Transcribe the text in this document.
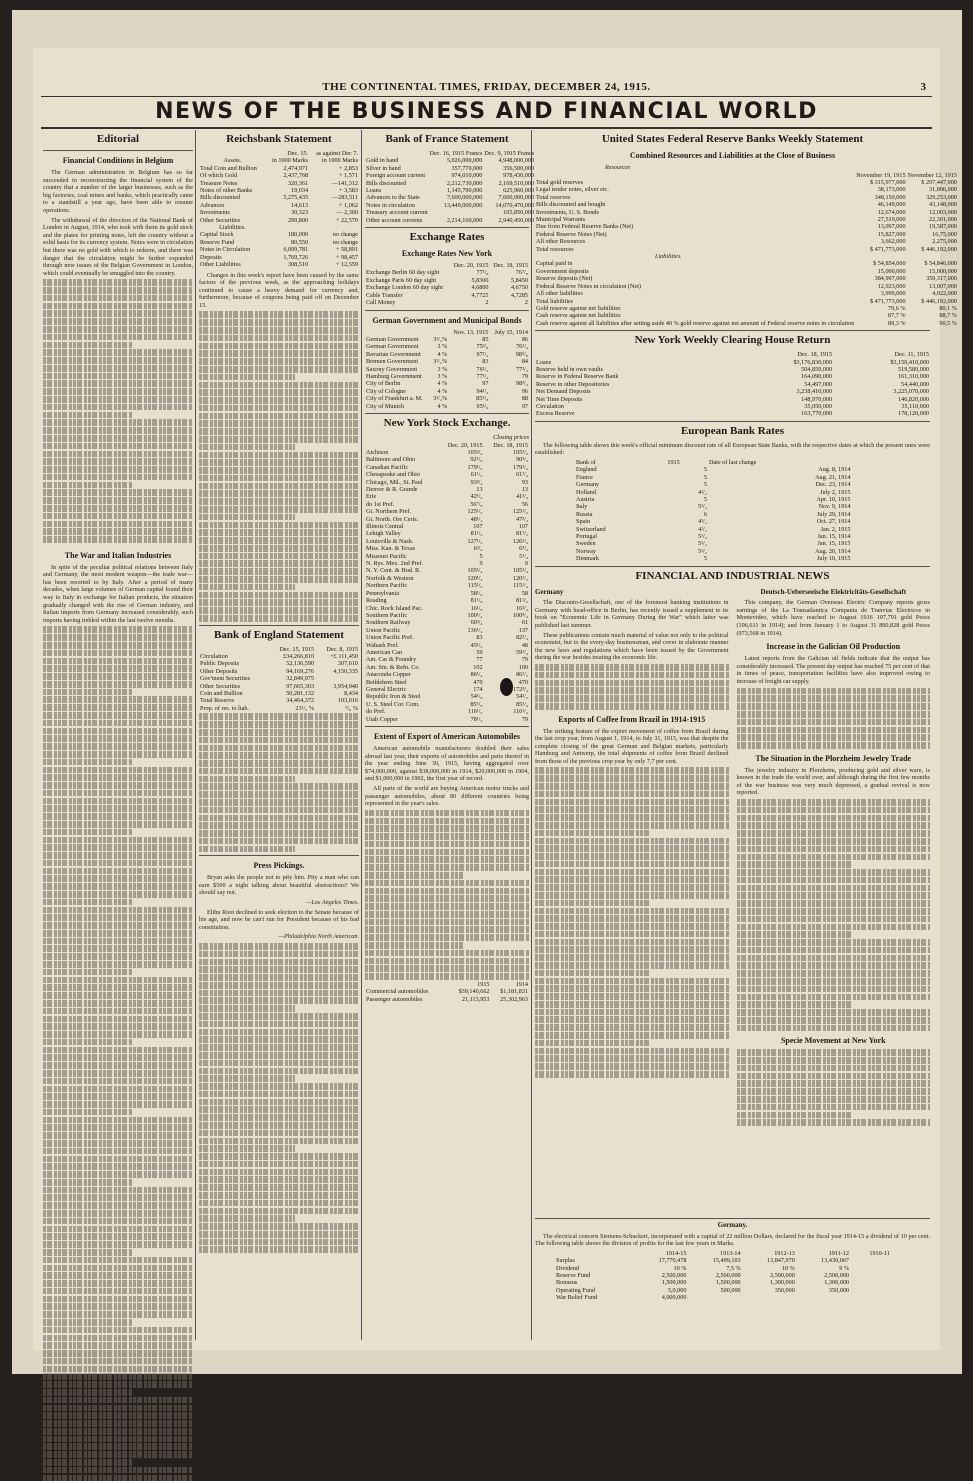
THE CONTINENTAL TIMES, FRIDAY, DECEMBER 24, 1915.	3
NEWS OF THE BUSINESS AND FINANCIAL WORLD
Editorial
Financial Conditions in Belgium

The German administration in Belgium has so far succeeded in reconstructing the financial system of the country that a number of the larger businesses, such as the big factories, coal mines and banks, which practically came to a standstill a year ago, have been able to resume operations.

The withdrawal of the directors of the National Bank of London in August, 1914, who took with them its gold stock and the plates for printing notes, left the country without a solid basis for its currency system. Notes were in circulation but there was no gold with which to redeem, and there was danger that the circulation might be further expanded through new issues of the Belgian Government in London, which could eventually be smuggled into the country.

The War and Italian Industries

In spite of the peculiar political relations between Italy and Germany, the most modern weapon—the trade war—has been resorted to by Italy. After a period of many decades, when large volumes of German capital found their way to Italy in exchange for Italian products, the situation gradually changed with the rise of German industry, and Italian imports from Germany increased considerably, such imports having trebled within the last twelve months.

Reichsbank Statement
	Dec. 15.	as against Dec 7.
Assets.	in 1000 Marks	in 1000 Marks
Total Coin and Bullion	2,474,971	+ 2,853
Of which Gold	2,437,768	+ 1,571
Treasure Notes	320,361	—141,312
Notes of other Banks	19,034	+ 3,583
Bills discounted	5,275,435	—283,511
Advances	14,613	+ 1,062
Investments	30,323	— 2,360
Other Securities	299,800	+ 22,570
Liabilities.		
Capital Stock	180,000	no change
Reserve Fund	80,550	no change
Notes in Circulation	6,099,781	+ 58,891
Deposits	1,769,726	+ 98,457
Other Liabilities	308,510	+ 12,559

Changes in this week's report have been caused by the same factors of the previous week, as the approaching holidays continued to cause a heavy demand for currency and, furthermore, because of coupons being paid off on December 15.

Bank of England Statement
	Dec. 15, 1915	Dec. 8, 1915
Circulation	£34,266,810	+£ 111,450
Public Deposits	52,136,590	307,610
Other Deposits	94,169,276	4,150,335
Gov'ment Securities	32,849,075	
Other Securities	97,665,303	3,954,940
Coin and Bullion	50,281,132	8,434
Total Reserve	34,464,372	103,016
Prop. of res. to liab.	23¹/₂ %	⁹/₈ %
Press Pickings.

Bryan asks the people not to pity him. Pity a man who can earn $500 a night talking about beautiful abstractions? We should say not.

—Los Angeles Times.

Elihu Root declined to seek election to the Senate because of his age, and now he can't run for President because of his bad constitution.

—Philadelphia North American.

Bank of France Statement
	Dec. 16, 1915 Francs	Dec. 9, 1915 Francs
Gold in hand	5,026,000,000	4,948,000,000
Silver in hand	357,770,000	356,500,000
Foreign account current	974,010,000	978,430,000
Bills discounted	2,212,730,000	2,169,510,000
Loans	1,145,790,000	625,960,000
Advances to the State	7,600,000,000	7,600,000,000
Notes in circulation	13,449,000,000	14,070,470,000
Treasury account current		105,850,000
Other account currents	2,214,160,000	2,940,450,000
Exchange Rates
Exchange Rates New York
	Dec. 20, 1915	Dec. 18, 1915
Exchange Berlin 60 day sight	77¹/₈	76⁷/₈
Exchange Paris 60 day sight	5,8300	5,8450
Exchange London 60 day sight	4,6800	4,6750
Cable Transfer	4,7725	4,7285
Call Money	2	2
German Government and Municipal Bonds
		Nov. 13, 1915	July 15, 1914
German Government	3¹/₂%	85	86
German Government	3 %	75³/₈	76¹/₄
Bavarian Government	4 %	97¹/₂	98⁵/₈
Bremen Government	3¹/₂%	83	84
Saxony Government	3 %	76¹/₂	77¹/₂
Hamburg Government	3 %	77¹/₄	79
City of Berlin	4 %	97	98³/₄
City of Cologne	4 %	94¹/₄	96
City of Frankfurt a. M.	3¹/₂%	85⁵/₈	88
City of Munich	4 %	95¹/₄	97
New York Stock Exchange.
Closing prices
	Dec. 20, 1915	Dec. 18, 1915
Atchison	105³/₄	105¹/₂
Baltimore and Ohio	92⁵/₈	90³/₄
Canadian Pacific	179¹/₄	179¹/₂
Chesapeake and Ohio	61¹/₂	61¹/₄
Chicago, Mil., St. Paul	93³/₄	93
Denver & R. Grande	13	13
Erie	42¹/₄	41³/₄
do 1st Pref.	56⁷/₈	56
Gt. Northern Pref.	125¹/₄	125¹/₂
Gt. North. Ore Certs.	48¹/₂	47³/₄
Illinois Central	107	107
Lehigh Valley	81¹/₄	81¹/₂
Louisville & Nash.	127¹/₂	126¹/₄
Miss. Kan. & Texas	6³/₄	6³/₄
Missouri Pacific	5	5¹/₄
N. Rys. Mex. 2nd Pref.	9	9
N. Y. Cent. & Hud. R.	105¹/₄	105¹/₄
Norfolk & Western	120¹/₄	120¹/₂
Northern Pacific	115¹/₄	115¹/₄
Pennsylvania	58¹/₈	58
Reading	81¹/₈	81¹/₂
Chic. Rock Island Pac.	16¹/₈	16³/₄
Southern Pacific	100¹/₄	100³/₄
Southern Railway	60³/₄	61
Union Pacific	136¹/₂	137
Union Pacific Pref.	83	82¹/₄
Wabash Pref.	45¹/₂	48
American Can	59	59¹/₄
Am. Car & Foundry	77	79
Am. Sm. & Refn. Co.	102	100
Anaconda Copper	86¹/₄	86¹/₂
Bethlehem Steel	470	470
General Electric	174	172³/₄
Republic Iron & Steel	54¹/₈	54¹/₂
U. S. Steel Cor. Com.	85⁵/₈	85³/₄
do Pref.	116¹/₄	116¹/₄
Utah Copper	78¹/₂	79
Extent of Export of American Automobiles

American automobile manufacturers doubled their sales abroad last year, their exports of automobiles and parts thereof in the year ending June 30, 1915, having aggregated over $74,000,000, against $38,000,000 in 1914, $20,000,000 in 1904, and $1,000,000 in 1902, the first year of record.

All parts of the world are buying American motor trucks and passenger automobiles, about 80 different countries being represented in the year's sales.

	1915	1914
Commercial automobiles	$39,140,662	$1,181,831
Passenger automobiles	21,113,953	25,302,963
United States Federal Reserve Banks Weekly Statement
Combined Resources and Liabilities at the Close of Business
Resources
	November 19, 1915	November 12, 1915
Total gold reserves	$ 315,977,000	$ 297,447,000
Legal tender notes, silver etc.	38,173,000	31,806,000
Total reserves	348,150,000	329,253,000
Bills discounted and bought	46,149,000	43,148,000
Investments, U. S. Bonds	12,674,000	12,003,000
Municipal Warrants	27,519,000	22,301,000
Due from Federal Reserve Banks (Net)	13,097,000	19,587,000
Federal Reserve Notes (Net)	15,827,000	16,75,000
All other Resources	3,662,000	2,275,000
Total resources	$ 471,773,000	$ 446,192,000
Liabilities.		
Capital paid in	$ 54,854,000	$ 54,846,000
Government deposits	15,000,000	15,000,000
Reserve deposits (Net)	384,997,000	359,317,000
Federal Reserve Notes in circulation (Net)	12,923,000	13,007,000
All other liabilities	3,999,000	4,022,000
Total liabilities	$ 471,773,000	$ 446,192,000
Gold reserve against net liabilities	79,6 %	80,1 %
Cash reserve against net liabilities	87,7 %	88,7 %
Cash reserve against all liabilities after setting aside 40 % gold reserve against net amount of Federal reserve notes in circulation	89,3 %	90,5 %
New York Weekly Clearing House Return
	Dec. 18, 1915	Dec. 11, 1915
Loans	$3,176,830,000	$3,150,410,000
Reserve held in own vaults	504,850,000	519,580,000
Reserve in Federal Reserve Bank	164,090,000	161,310,000
Reserve in other Depositories	54,497,000	54,440,000
Net Demand Deposits	3,238,410,000	3,225,070,000
Net Time Deposits	148,970,000	146,820,000
Circulation	35,050,000	35,110,000
Excess Reserve	163,770,000	178,120,000
European Bank Rates

The following table shows this week's official minimum discount rate of all European State Banks, with the respective dates at which the present rates were established:

Bank of	1915	Date of last change
England	5	Aug. 8, 1914
France	5	Aug. 21, 1914
Germany	5	Dec. 23, 1914
Holland	4¹/₂	July 2, 1915
Austria	5	Apr. 10, 1915
Italy	5¹/₂	Nov. 9, 1914
Russia	6	July 29, 1914
Spain	4¹/₂	Oct. 27, 1914
Switzerland	4¹/₂	Jan. 2, 1915
Portugal	5¹/₂	Jan. 15, 1914
Sweden	5¹/₂	Jan. 15, 1915
Norway	5¹/₂	Aug. 20, 1914
Denmark	5	July 10, 1915
FINANCIAL AND INDUSTRIAL NEWS
Germany

The Disconto-Gesellschaft, one of the foremost banking institutions in Germany with head-office in Berlin, has recently issued a supplement to its book on "Economic Life in Germany During the War" which latter was published last summer.

These publications contain much material of value not only to the political economist, but to the every-day businessman, and cover in elaborate manner the new laws and regulations which have been issued by the Government during the war besides treating the economic life.

Exports of Coffee from Brazil in 1914-1915

The striking feature of the export movement of coffee from Brazil during the last crop year, from August 1, 1914, to July 31, 1915, was that despite the complete closing of the great German and Belgian markets, particularly Hamburg and Antwerp, the total shipments of coffee from Brazil declined from those of the previous crop year by only 7,7 per cent.

Deutsch-Ueberseeische Elektricitäts-Gesellschaft

This company, the German Overseas Electric Company reports gross earnings of the La Transatlantica Compania de Tranvias Electricos in Montevideo, which have reached to August 1916 107,791 gold Pesos (106,611 in 1914); and from January 1 to August 31 890,828 gold Pesos (973,568 in 1914).

Increase in the Galician Oil Production

Latest reports from the Galician oil fields indicate that the output has considerably increased. The present day output has reached 75 per cent of that in times of peace, transportation facilities have also improved owing to increase of freight car supply.

The Situation in the Plorzheim Jewelry Trade

The jewelry industry in Plorzheim, producing gold and silver ware, is known in the trade the world over, and although during the first few months of the war business was very much depressed, a gradual revival is now reported.

Specie Movement at New York
Germany.

The electrical concern Siemens-Schuckert, incorporated with a capital of 22 million Dollars, declared for the fiscal year 1914-15 a dividend of 10 per cent. The following table shows the division of profits for the last few years in Marks.

	1914-15	1913-14	1912-13	1911-12	1910-11
Surplus	17,770,478	15,499,103	13,847,970	13,430,067	
Dividend	10 %	7,5 %	10 %	9 %	
Reserve Fund	2,500,000	2,500,000	2,500,000	2,500,000	
Bonusus	1,500,000	1,500,000	1,300,000	1,300,000	
Operating Fund	5,0,000	500,000	350,000	350,000	
War Relief Fund	4,000,000				
